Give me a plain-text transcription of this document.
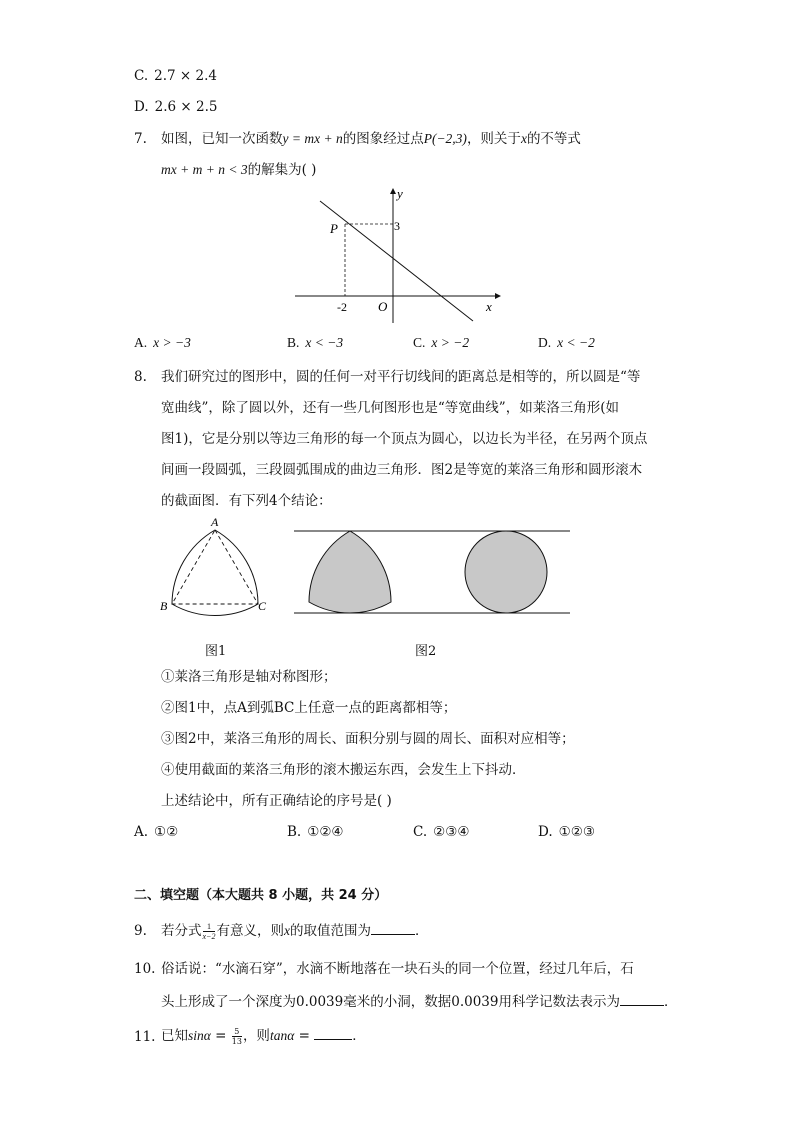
C. 2.7 × 2.4
D. 2.6 × 2.5
7. 如图，已知一次函数y = mx + n的图象经过点P(−2,3)，则关于x的不等式
mx + m + n < 3的解集为( )
y
x
O
P	3
-2
A. x > −3	B. x < −3	C. x > −2	D. x < −2
8. 我们研究过的图形中，圆的任何一对平行切线间的距离总是相等的，所以圆是“等
宽曲线”，除了圆以外，还有一些几何图形也是“等宽曲线”，如莱洛三角形(如
图1)，它是分别以等边三角形的每一个顶点为圆心，以边长为半径，在另两个顶点
间画一段圆弧，三段圆弧围成的曲边三角形．图2是等宽的莱洛三角形和圆形滚木
的截面图．有下列4个结论：
A
B	C
图1	图2
①莱洛三角形是轴对称图形；
②图1中，点A到弧BC上任意一点的距离都相等；
③图2中，莱洛三角形的周长、面积分别与圆的周长、面积对应相等；
④使用截面的莱洛三角形的滚木搬运东西，会发生上下抖动．
上述结论中，所有正确结论的序号是( )
A. ①②	B. ①②④	C. ②③④	D. ①②③
二、填空题（本大题共 8 小题，共 24 分）
9. 若分式 $\frac{1}{x-2}$ 有意义，则x的取值范围为	．
10. 俗话说：“水滴石穿”，水滴不断地落在一块石头的同一个位置，经过几年后，石
头上形成了一个深度为0.0039毫米的小洞，数据0.0039用科学记数法表示为	．
11. 已知$\sin\alpha = \frac{5}{13}$ ，则tanα =	．
